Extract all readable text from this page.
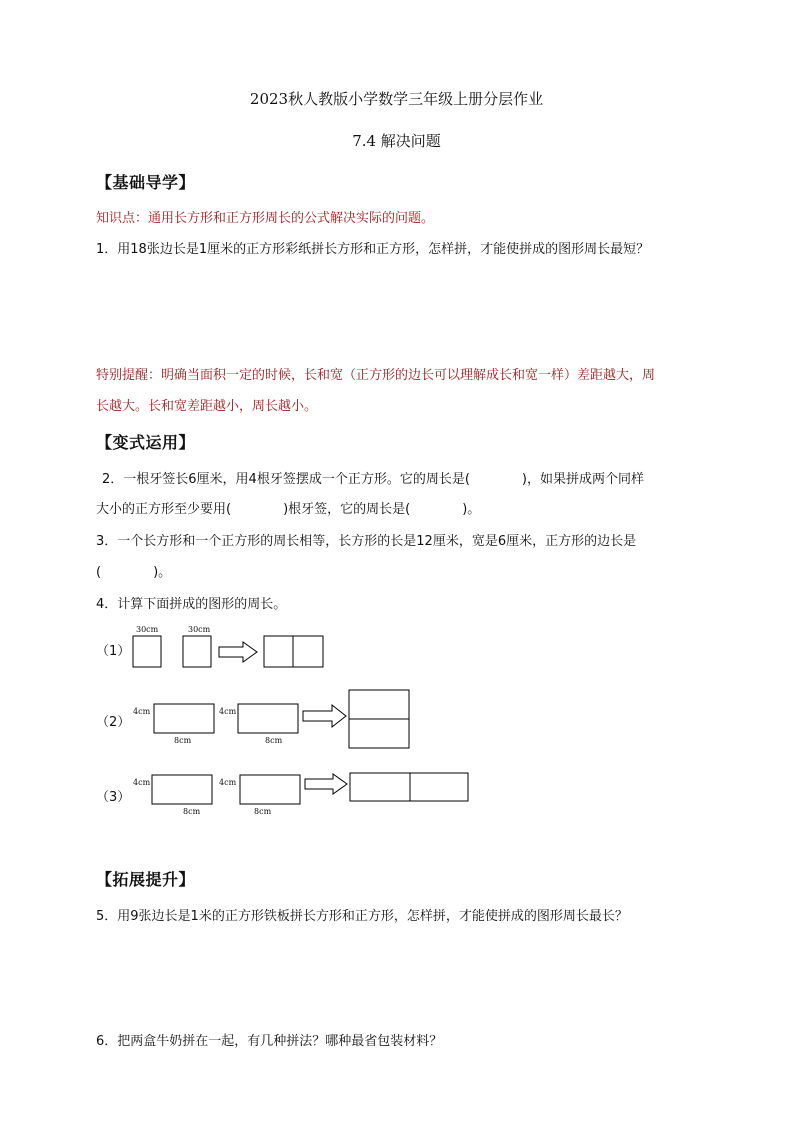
2023秋人教版小学数学三年级上册分层作业
7.4 解决问题
【基础导学】
知识点：通用长方形和正方形周长的公式解决实际的问题。
1．用18张边长是1厘米的正方形彩纸拼长方形和正方形，怎样拼，才能使拼成的图形周长最短？
特别提醒：明确当面积一定的时候，长和宽（正方形的边长可以理解成长和宽一样）差距越大，周
长越大。长和宽差距越小，周长越小。
【变式运用】
2．一根牙签长6厘米，用4根牙签摆成一个正方形。它的周长是(　　　　)，如果拼成两个同样
大小的正方形至少要用(　　　　)根牙签，它的周长是(　　　　)。
3．一个长方形和一个正方形的周长相等，长方形的长是12厘米，宽是6厘米，正方形的边长是
(　　　　)。
4．计算下面拼成的图形的周长。
（1）
30cm	30cm
（2）
4cm
8cm
4cm
8cm
（3）
4cm
8cm
4cm
8cm
【拓展提升】
5．用9张边长是1米的正方形铁板拼长方形和正方形，怎样拼，才能使拼成的图形周长最长？
6．把两盒牛奶拼在一起，有几种拼法？哪种最省包装材料？
